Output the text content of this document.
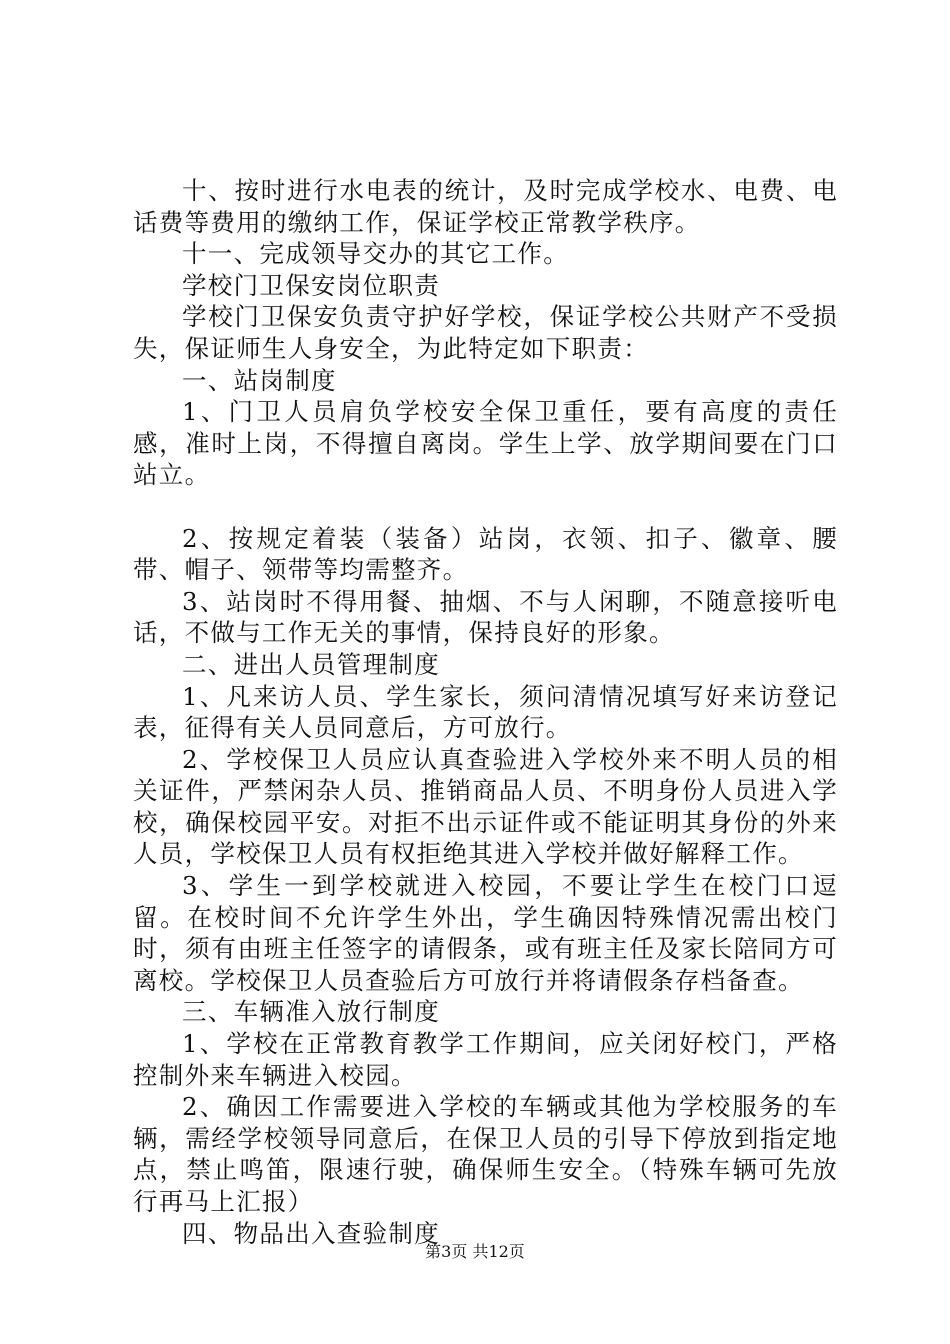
十、按时进行水电表的统计，及时完成学校水、电费、电话费等费用的缴纳工作，保证学校正常教学秩序。

十一、完成领导交办的其它工作。

学校门卫保安岗位职责

学校门卫保安负责守护好学校，保证学校公共财产不受损失，保证师生人身安全，为此特定如下职责：

一、站岗制度

1、门卫人员肩负学校安全保卫重任，要有高度的责任感，准时上岗，不得擅自离岗。学生上学、放学期间要在门口站立。

2、按规定着装（装备）站岗，衣领、扣子、徽章、腰带、帽子、领带等均需整齐。

3、站岗时不得用餐、抽烟、不与人闲聊，不随意接听电话，不做与工作无关的事情，保持良好的形象。

二、进出人员管理制度

1、凡来访人员、学生家长，须问清情况填写好来访登记表，征得有关人员同意后，方可放行。

2、学校保卫人员应认真查验进入学校外来不明人员的相关证件，严禁闲杂人员、推销商品人员、不明身份人员进入学校，确保校园平安。对拒不出示证件或不能证明其身份的外来人员，学校保卫人员有权拒绝其进入学校并做好解释工作。

3、学生一到学校就进入校园，不要让学生在校门口逗留。在校时间不允许学生外出，学生确因特殊情况需出校门时，须有由班主任签字的请假条，或有班主任及家长陪同方可离校。学校保卫人员查验后方可放行并将请假条存档备查。

三、车辆准入放行制度

1、学校在正常教育教学工作期间，应关闭好校门，严格控制外来车辆进入校园。

2、确因工作需要进入学校的车辆或其他为学校服务的车辆，需经学校领导同意后，在保卫人员的引导下停放到指定地点，禁止鸣笛，限速行驶，确保师生安全。（特殊车辆可先放行再马上汇报）

四、物品出入查验制度

第3页 共12页
